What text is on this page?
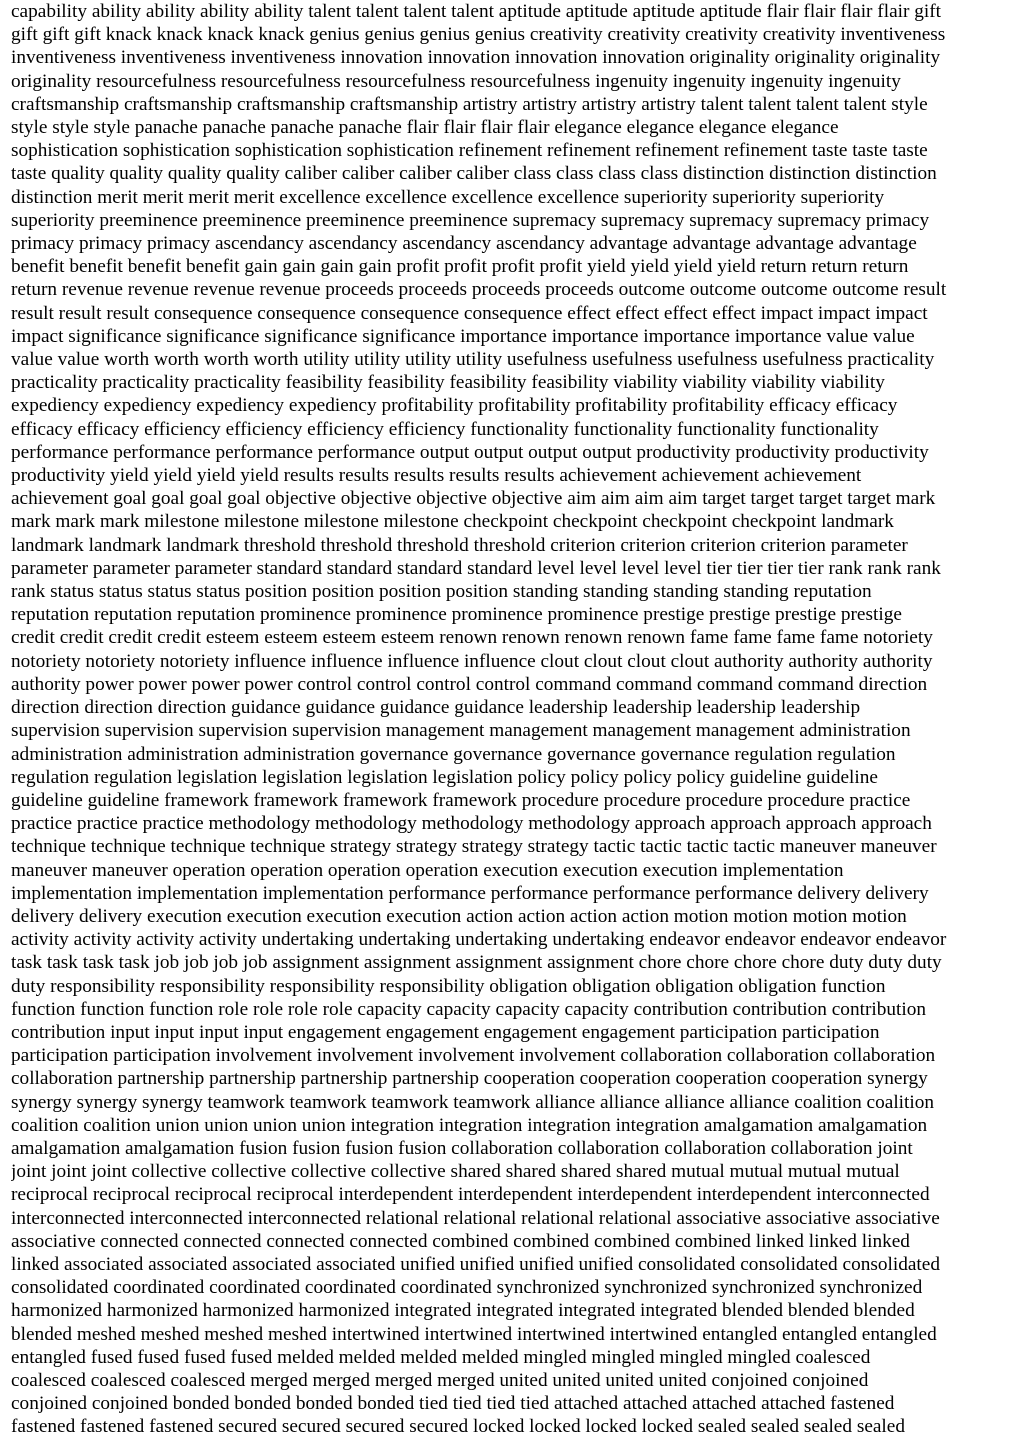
capability ability ability ability ability talent talent talent talent aptitude aptitude aptitude aptitude flair flair flair flair gift
gift gift gift knack knack knack knack genius genius genius genius creativity creativity creativity creativity inventiveness
inventiveness inventiveness inventiveness innovation innovation innovation innovation originality originality originality
originality resourcefulness resourcefulness resourcefulness resourcefulness ingenuity ingenuity ingenuity ingenuity
craftsmanship craftsmanship craftsmanship craftsmanship artistry artistry artistry artistry talent talent talent talent style
style style style panache panache panache panache flair flair flair flair elegance elegance elegance elegance
sophistication sophistication sophistication sophistication refinement refinement refinement refinement taste taste taste
taste quality quality quality quality caliber caliber caliber caliber class class class class distinction distinction distinction
distinction merit merit merit merit excellence excellence excellence excellence superiority superiority superiority
superiority preeminence preeminence preeminence preeminence supremacy supremacy supremacy supremacy primacy
primacy primacy primacy ascendancy ascendancy ascendancy ascendancy advantage advantage advantage advantage
benefit benefit benefit benefit gain gain gain gain profit profit profit profit yield yield yield yield return return return
return revenue revenue revenue revenue proceeds proceeds proceeds proceeds outcome outcome outcome outcome result
result result result consequence consequence consequence consequence effect effect effect effect impact impact impact
impact significance significance significance significance importance importance importance importance value value
value value worth worth worth worth utility utility utility utility usefulness usefulness usefulness usefulness practicality
practicality practicality practicality feasibility feasibility feasibility feasibility viability viability viability viability
expediency expediency expediency expediency profitability profitability profitability profitability efficacy efficacy
efficacy efficacy efficiency efficiency efficiency efficiency functionality functionality functionality functionality
performance performance performance performance output output output output productivity productivity productivity
productivity yield yield yield yield results results results results results achievement achievement achievement
achievement goal goal goal goal objective objective objective objective aim aim aim aim target target target target mark
mark mark mark milestone milestone milestone milestone checkpoint checkpoint checkpoint checkpoint landmark
landmark landmark landmark threshold threshold threshold threshold criterion criterion criterion criterion parameter
parameter parameter parameter standard standard standard standard level level level level tier tier tier tier rank rank rank
rank status status status status position position position position standing standing standing standing reputation
reputation reputation reputation prominence prominence prominence prominence prestige prestige prestige prestige
credit credit credit credit esteem esteem esteem esteem renown renown renown renown fame fame fame fame notoriety
notoriety notoriety notoriety influence influence influence influence clout clout clout clout authority authority authority
authority power power power power control control control control command command command command direction
direction direction direction guidance guidance guidance guidance leadership leadership leadership leadership
supervision supervision supervision supervision management management management management administration
administration administration administration governance governance governance governance regulation regulation
regulation regulation legislation legislation legislation legislation policy policy policy policy guideline guideline
guideline guideline framework framework framework framework procedure procedure procedure procedure practice
practice practice practice methodology methodology methodology methodology approach approach approach approach
technique technique technique technique strategy strategy strategy strategy tactic tactic tactic tactic maneuver maneuver
maneuver maneuver operation operation operation operation execution execution execution implementation
implementation implementation implementation performance performance performance performance delivery delivery
delivery delivery execution execution execution execution action action action action motion motion motion motion
activity activity activity activity undertaking undertaking undertaking undertaking endeavor endeavor endeavor endeavor
task task task task job job job job assignment assignment assignment assignment chore chore chore chore duty duty duty
duty responsibility responsibility responsibility responsibility obligation obligation obligation obligation function
function function function role role role role capacity capacity capacity capacity contribution contribution contribution
contribution input input input input engagement engagement engagement engagement participation participation
participation participation involvement involvement involvement involvement collaboration collaboration collaboration
collaboration partnership partnership partnership partnership cooperation cooperation cooperation cooperation synergy
synergy synergy synergy teamwork teamwork teamwork teamwork alliance alliance alliance alliance coalition coalition
coalition coalition union union union union integration integration integration integration amalgamation amalgamation
amalgamation amalgamation fusion fusion fusion fusion collaboration collaboration collaboration collaboration joint
joint joint joint collective collective collective collective shared shared shared shared mutual mutual mutual mutual
reciprocal reciprocal reciprocal reciprocal interdependent interdependent interdependent interdependent interconnected
interconnected interconnected interconnected relational relational relational relational associative associative associative
associative connected connected connected connected combined combined combined combined linked linked linked
linked associated associated associated associated unified unified unified unified consolidated consolidated consolidated
consolidated coordinated coordinated coordinated coordinated synchronized synchronized synchronized synchronized
harmonized harmonized harmonized harmonized integrated integrated integrated integrated blended blended blended
blended meshed meshed meshed meshed intertwined intertwined intertwined intertwined entangled entangled entangled
entangled fused fused fused fused melded melded melded melded mingled mingled mingled mingled coalesced
coalesced coalesced coalesced merged merged merged merged united united united united conjoined conjoined
conjoined conjoined bonded bonded bonded bonded tied tied tied tied attached attached attached attached fastened
fastened fastened fastened secured secured secured secured locked locked locked locked sealed sealed sealed sealed
